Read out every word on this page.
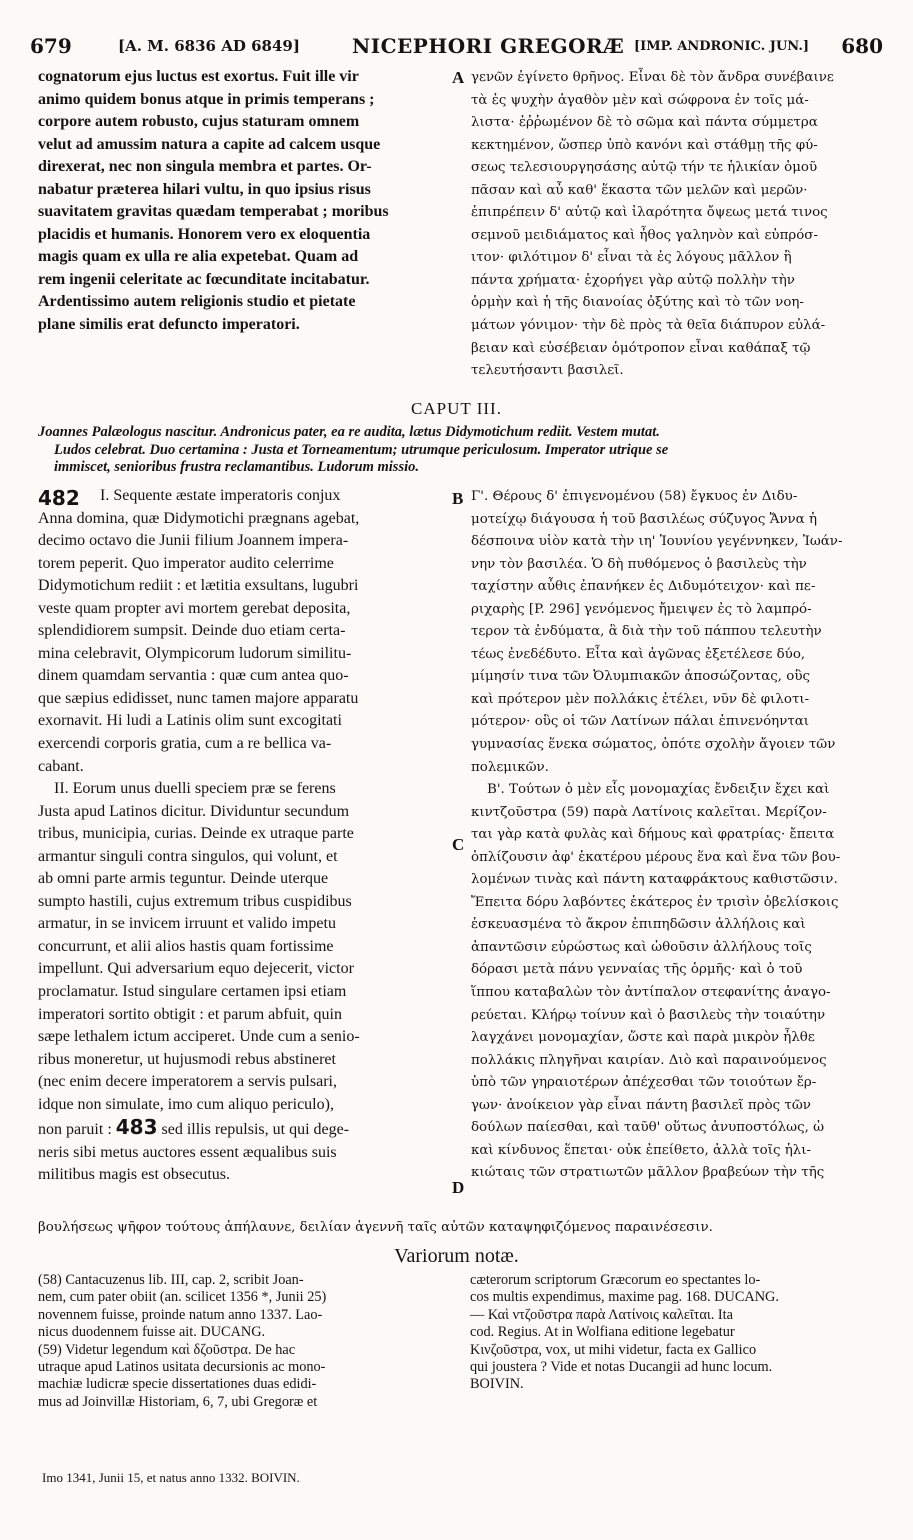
679	[A. M. 6836 AD 6849]	NICEPHORI GREGORÆ [IMP. ANDRONIC. JUN.] 680
cognatorum ejus luctus est exortus. Fuit ille vir
animo quidem bonus atque in primis temperans ;
corpore autem robusto, cujus staturam omnem
velut ad amussim natura a capite ad calcem usque
direxerat, nec non singula membra et partes. Or-
nabatur præterea hilari vultu, in quo ipsius risus
suavitatem gravitas quædam temperabat ; moribus
placidis et humanis. Honorem vero ex eloquentia
magis quam ex ulla re alia expetebat. Quam ad
rem ingenii celeritate ac fœcunditate incitabatur.
Ardentissimo autem religionis studio et pietate
plane similis erat defuncto imperatori.
A γενῶν ἐγίνετο θρῆνος. Εἶναι δὲ τὸν ἄνδρα συνέβαινε
τὰ ἐς ψυχὴν ἀγαθὸν μὲν καὶ σώφρονα ἐν τοῖς μά-
λιστα· ἐῤῥωμένον δὲ τὸ σῶμα καὶ πάντα σύμμετρα
κεκτημένον, ὥσπερ ὑπὸ κανόνι καὶ στάθμῃ τῆς φύ-
σεως τελεσιουργησάσης αὐτῷ τήν τε ἡλικίαν ὁμοῦ
πᾶσαν καὶ αὖ καθ' ἕκαστα τῶν μελῶν καὶ μερῶν·
ἐπιπρέπειν δ' αὐτῷ καὶ ἱλαρότητα ὄψεως μετά τινος
σεμνοῦ μειδιάματος καὶ ἦθος γαληνὸν καὶ εὐπρόσ-
ιτον· φιλότιμον δ' εἶναι τὰ ἐς λόγους μᾶλλον ἢ
πάντα χρήματα· ἐχορήγει γὰρ αὐτῷ πολλὴν τὴν
ὁρμὴν καὶ ἡ τῆς διανοίας ὀξύτης καὶ τὸ τῶν νοη-
μάτων γόνιμον· τὴν δὲ πρὸς τὰ θεῖα διάπυρον εὐλά-
βειαν καὶ εὐσέβειαν ὁμότροπον εἶναι καθάπαξ τῷ
τελευτήσαντι βασιλεῖ.
CAPUT III.
Joannes Palæologus nascitur. Andronicus pater, ea re audita, lætus Didymotichum rediit. Vestem mutat.
Ludos celebrat. Duo certamina : Justa et Torneamentum; utrumque periculosum. Imperator utrique se
immiscet, senioribus frustra reclamantibus. Ludorum missio.
482	I. Sequente æstate imperatoris conjux
Anna domina, quæ Didymotichi prægnans agebat,
decimo octavo die Junii filium Joannem impera-
torem peperit. Quo imperator audito celerrime
Didymotichum rediit : et lætitia exsultans, lugubri
veste quam propter avi mortem gerebat deposita,
splendidiorem sumpsit. Deinde duo etiam certa-
mina celebravit, Olympicorum ludorum similitu-
dinem quamdam servantia : quæ cum antea quo-
que sæpius edidisset, nunc tamen majore apparatu
exornavit. Hi ludi a Latinis olim sunt excogitati
exercendi corporis gratia, cum a re bellica va-
cabant.
II. Eorum unus duelli speciem præ se ferens
Justa apud Latinos dicitur. Dividuntur secundum
tribus, municipia, curias. Deinde ex utraque parte
armantur singuli contra singulos, qui volunt, et
ab omni parte armis teguntur. Deinde uterque
sumpto hastili, cujus extremum tribus cuspidibus
armatur, in se invicem irruunt et valido impetu
concurrunt, et alii alios hastis quam fortissime
impellunt. Qui adversarium equo dejecerit, victor
proclamatur. Istud singulare certamen ipsi etiam
imperatori sortito obtigit : et parum abfuit, quin
sæpe lethalem ictum acciperet. Unde cum a senio-
ribus moneretur, ut hujusmodi rebus abstineret
(nec enim decere imperatorem a servis pulsari,
idque non simulate, imo cum aliquo periculo),
non paruit : 483 sed illis repulsis, ut qui dege-
neris sibi metus auctores essent æqualibus suis
militibus magis est obsecutus.
B
C
D
Γ'. Θέρους δ' ἐπιγενομένου (58) ἔγκυος ἐν Διδυ-
μοτείχῳ διάγουσα ἡ τοῦ βασιλέως σύζυγος Ἄννα ἡ
δέσποινα υἱὸν κατὰ τὴν ιη' Ἰουνίου γεγέννηκεν, Ἰωάν-
νην τὸν βασιλέα. Ὁ δὴ πυθόμενος ὁ βασιλεὺς τὴν
ταχίστην αὖθις ἐπανήκεν ἐς Διδυμότειχον· καὶ πε-
ριχαρὴς [P. 296] γενόμενος ἤμειψεν ἐς τὸ λαμπρό-
τερον τὰ ἐνδύματα, ἃ διὰ τὴν τοῦ πάππου τελευτὴν
τέως ἐνεδέδυτο. Εἶτα καὶ ἀγῶνας ἐξετέλεσε δύο,
μίμησίν τινα τῶν Ὀλυμπιακῶν ἀποσώζοντας, οὓς
καὶ πρότερον μὲν πολλάκις ἐτέλει, νῦν δὲ φιλοτι-
μότερον· οὓς οἱ τῶν Λατίνων πάλαι ἐπινενόηνται
γυμνασίας ἕνεκα σώματος, ὁπότε σχολὴν ἄγοιεν τῶν
πολεμικῶν.
Β'. Τούτων ὁ μὲν εἷς μονομαχίας ἔνδειξιν ἔχει καὶ
κιντζοῦστρα (59) παρὰ Λατίνοις καλεῖται. Μερίζον-
ται γὰρ κατὰ φυλὰς καὶ δήμους καὶ φρατρίας· ἔπειτα
ὁπλίζουσιν ἀφ' ἑκατέρου μέρους ἕνα καὶ ἕνα τῶν βου-
λομένων τινὰς καὶ πάντη καταφράκτους καθιστῶσιν.
Ἔπειτα δόρυ λαβόντες ἑκάτερος ἐν τρισὶν ὀβελίσκοις
ἐσκευασμένα τὸ ἄκρον ἐπιπηδῶσιν ἀλλήλοις καὶ
ἀπαντῶσιν εὐρώστως καὶ ὠθοῦσιν ἀλλήλους τοῖς
δόρασι μετὰ πάνυ γενναίας τῆς ὁρμῆς· καὶ ὁ τοῦ
ἵππου καταβαλὼν τὸν ἀντίπαλον στεφανίτης ἀναγο-
ρεύεται. Κλήρῳ τοίνυν καὶ ὁ βασιλεὺς τὴν τοιαύτην
λαγχάνει μονομαχίαν, ὥστε καὶ παρὰ μικρὸν ἦλθε
πολλάκις πληγῆναι καιρίαν. Διὸ καὶ παραινούμενος
ὑπὸ τῶν γηραιοτέρων ἀπέχεσθαι τῶν τοιούτων ἔρ-
γων· ἀνοίκειον γὰρ εἶναι πάντη βασιλεῖ πρὸς τῶν
δούλων παίεσθαι, καὶ ταῦθ' οὕτως ἀνυποστόλως, ὡ
καὶ κίνδυνος ἕπεται· οὐκ ἐπείθετο, ἀλλὰ τοῖς ἡλι-
κιώταις τῶν στρατιωτῶν μᾶλλον βραβεύων τὴν τῆς
βουλήσεως ψῆφον τούτους ἀπήλαυνε, δειλίαν ἀγεννῆ ταῖς αὐτῶν καταψηφιζόμενος παραινέσεσιν.
Variorum notæ.
(58) Cantacuzenus lib. III, cap. 2, scribit Joan-
nem, cum pater obiit (an. scilicet 1356 *, Junii 25)
novennem fuisse, proinde natum anno 1337. Lao-
nicus duodennem fuisse ait. DUCANG.
(59) Videtur legendum καὶ δζοῦστρα. De hac
utraque apud Latinos usitata decursionis ac mono-
machiæ ludicræ specie dissertationes duas edidi-
mus ad Joinvillæ Historiam, 6, 7, ubi Gregoræ et
cæterorum scriptorum Græcorum eo spectantes lo-
cos multis expendimus, maxime pag. 168. DUCANG.
— Καὶ ντζοῦστρα παρὰ Λατίνοις καλεῖται. Ita
cod. Regius. At in Wolfiana editione legebatur
Κινζοῦστρα, vox, ut mihi videtur, facta ex Gallico
qui joustera ? Vide et notas Ducangii ad hunc locum.
BOIVIN.
Imo 1341, Junii 15, et natus anno 1332. BOIVIN.
